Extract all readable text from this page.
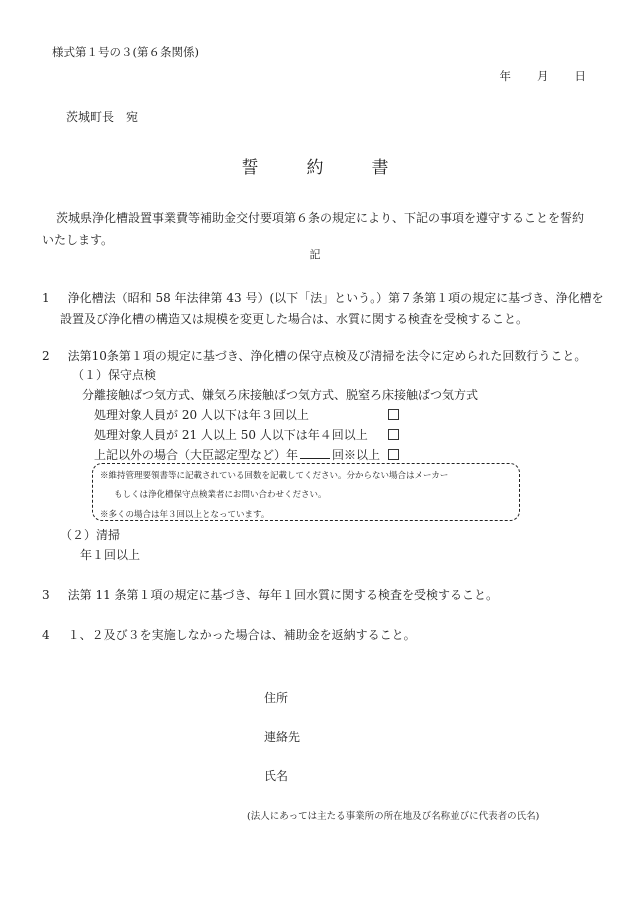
様式第１号の３(第６条関係)
年 月 日
茨城町長　宛
誓約書
茨城県浄化槽設置事業費等補助金交付要項第６条の規定により、下記の事項を遵守することを誓約いたします。
記
1 浄化槽法（昭和 58 年法律第 43 号）(以下「法」という。）第７条第１項の規定に基づき、浄化槽を設置及び浄化槽の構造又は規模を変更した場合は、水質に関する検査を受検すること。
2 法第10条第１項の規定に基づき、浄化槽の保守点検及び清掃を法令に定められた回数行うこと。
（１）保守点検
分離接触ばつ気方式、嫌気ろ床接触ばつ気方式、脱窒ろ床接触ばつ気方式
処理対象人員が 20 人以下は年３回以上
処理対象人員が 21 人以上 50 人以下は年４回以上
上記以外の場合（大臣認定型など）年	回※以上
※維持管理要領書等に記載されている回数を記載してください。分からない場合はメーカー
もしくは浄化槽保守点検業者にお問い合わせください。
※多くの場合は年３回以上となっています。
（２）清掃
年１回以上
3 法第 11 条第１項の規定に基づき、毎年１回水質に関する検査を受検すること。
4 １、２及び３を実施しなかった場合は、補助金を返納すること。
住所
連絡先
氏名
(法人にあっては主たる事業所の所在地及び名称並びに代表者の氏名)
